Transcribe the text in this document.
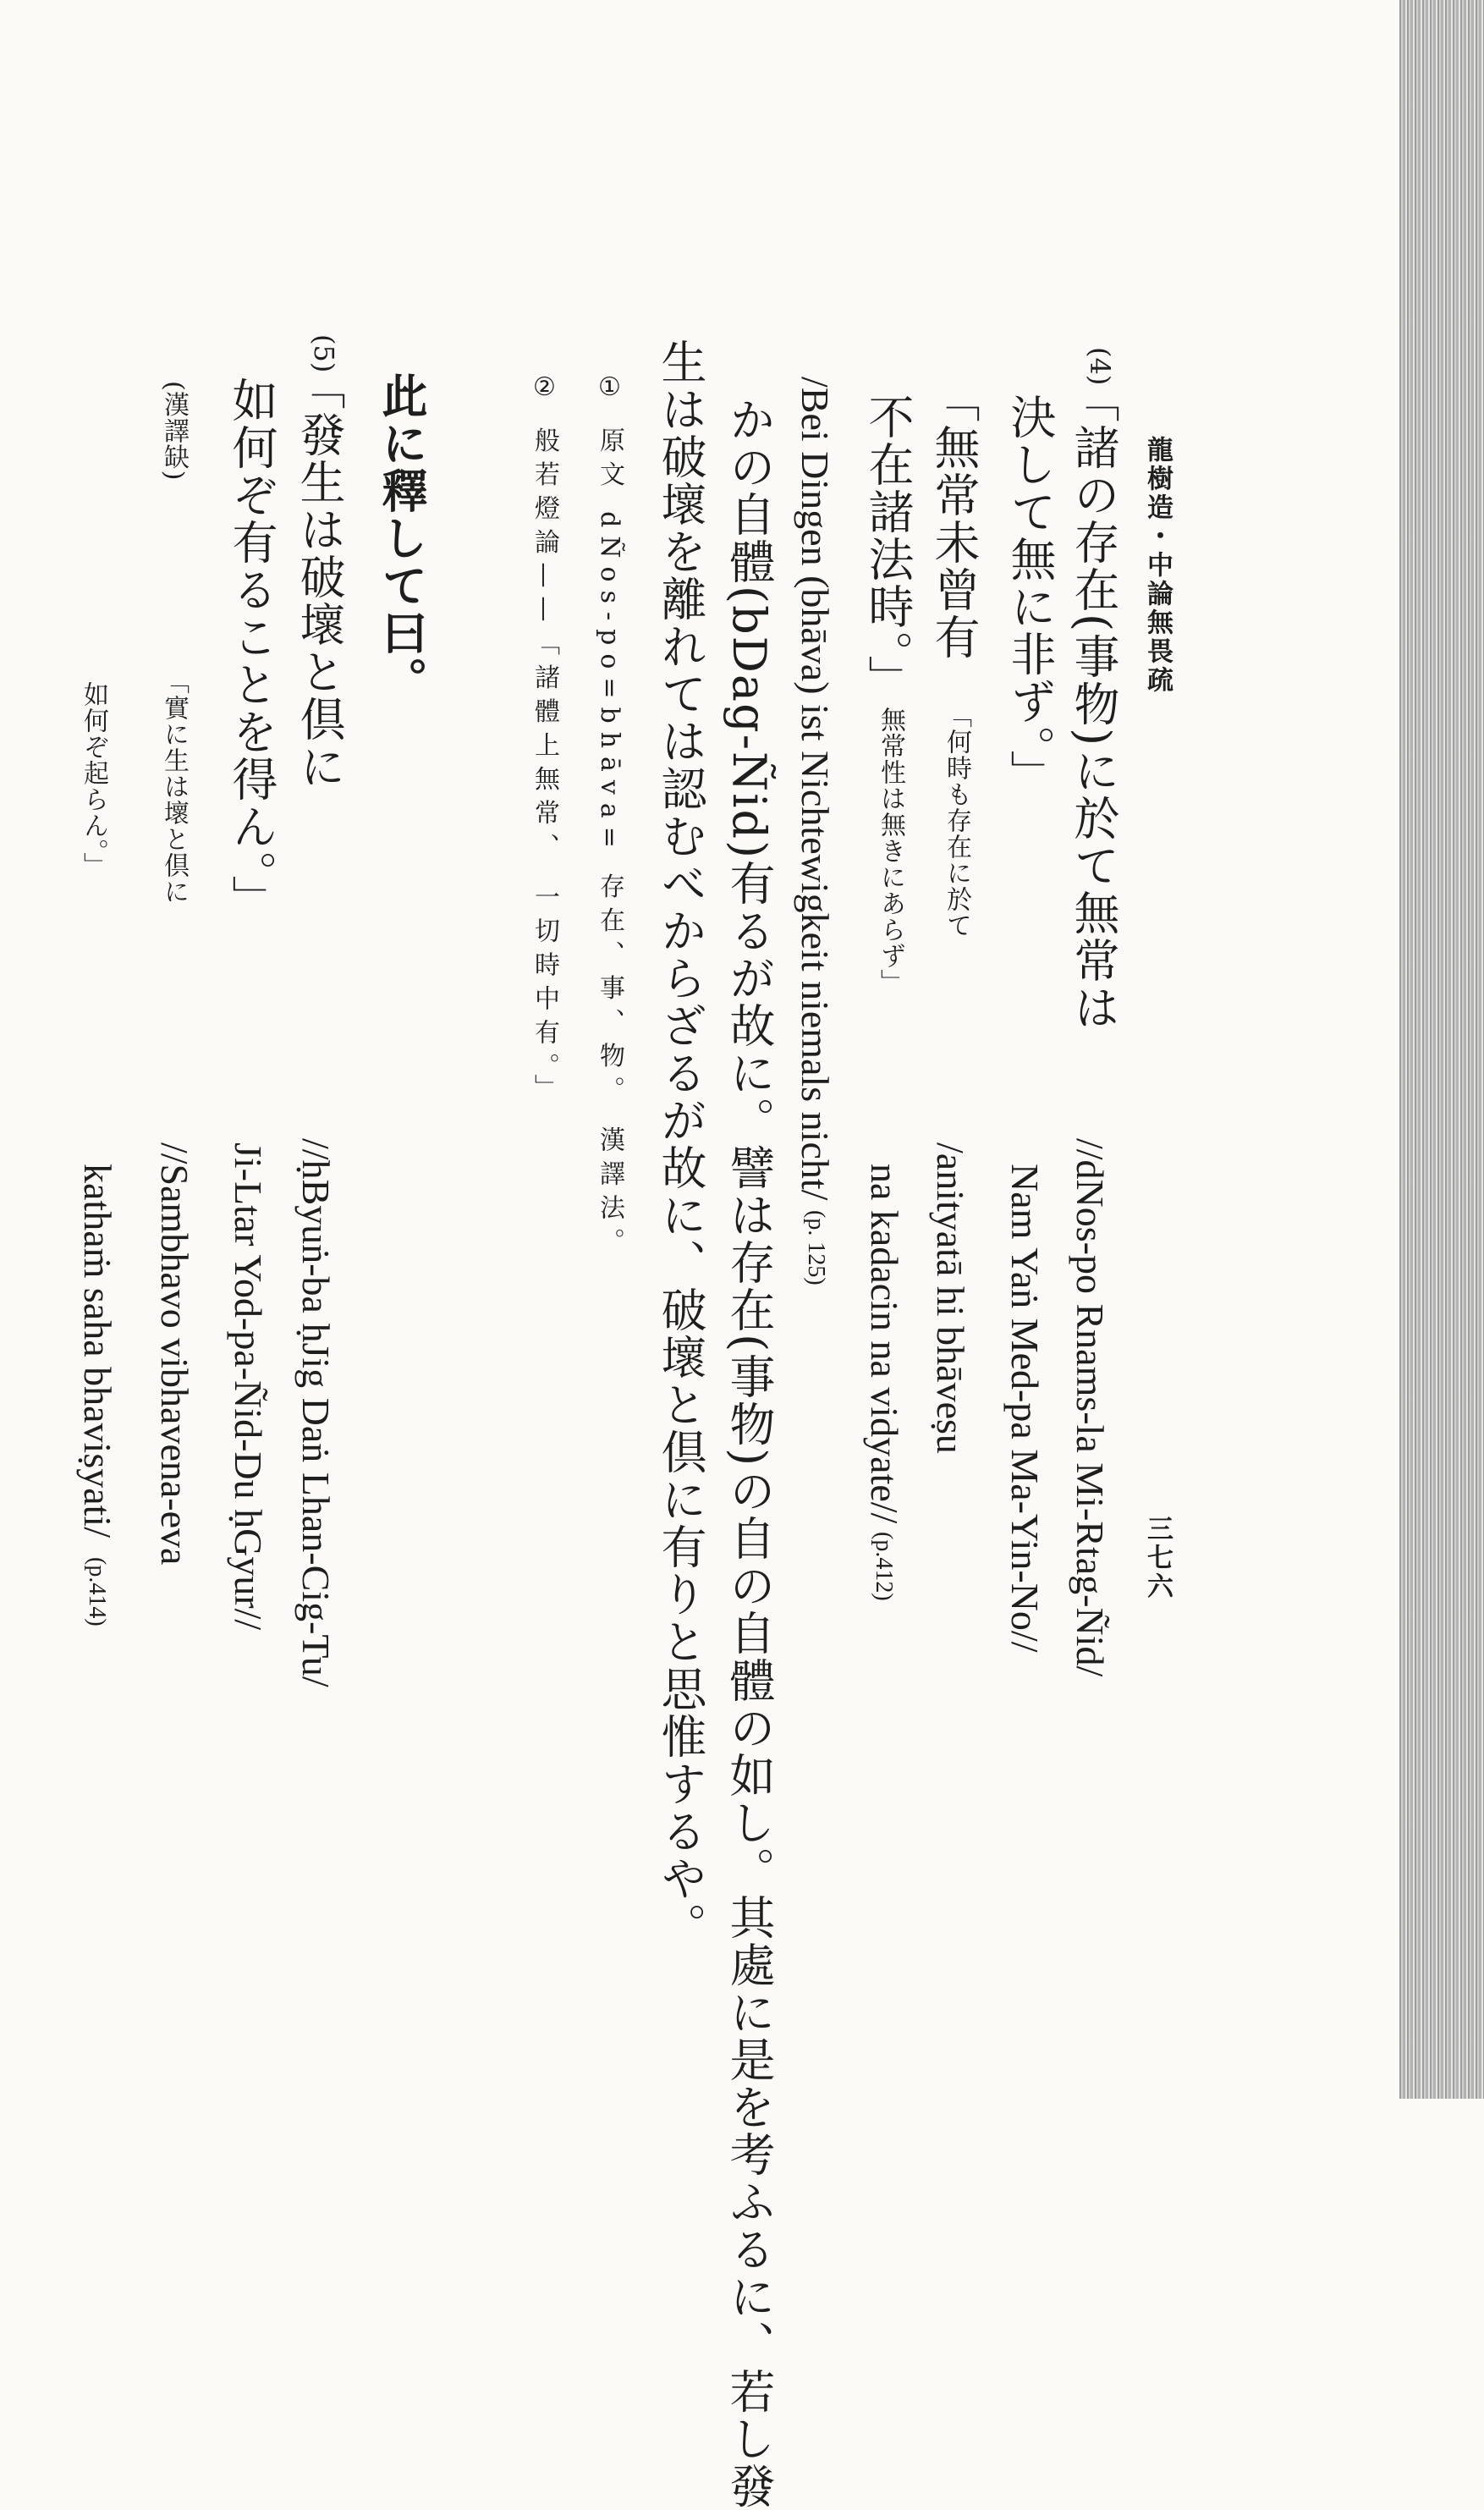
龍樹造・中論無畏疏
三七六
(4)
「諸の存在(事物)に於て無常は
決して無に非ず。」
「無常未曾有
不在諸法時。」
「何時も存在に於て
無常性は無きにあらず」
//dNos-po Rnams-la Mi-Rtag-Ñid/
Nam Yaṅ Med-pa Ma-Yin-No//
/anityatā hi bhāveṣu
na kadacin na vidyate//
(p.412)
/Bei Dingen (bhāva) ist Nichtewigkeit niemals nicht/
(p. 125)
かの自體(bDag-Ñid)有るが故に。譬は存在(事物)の自の自體の如し。其處に是を考ふるに、若し發
生は破壞を離れては認むべからざるが故に、破壞と倶に有りと思惟するや。
① 原文 dÑos-po=bhāva= 存在、事、物。 漢譯法。
② 般若燈論——「諸體上無常、 一切時中有。」
此に釋して曰。
(5)
「發生は破壞と倶に
如何ぞ有ることを得ん。」
(漢譯缺)
「實に生は壞と倶に
如何ぞ起らん。」
//ḥByuṅ-ba ḥJig Daṅ Lhan-Cig-Tu/
Ji-Ltar Yod-pa-Ñid-Du ḥGyur//
//Sambhavo vibhavena-eva
kathaṁ saha bhaviṣyati/
(p.414)
